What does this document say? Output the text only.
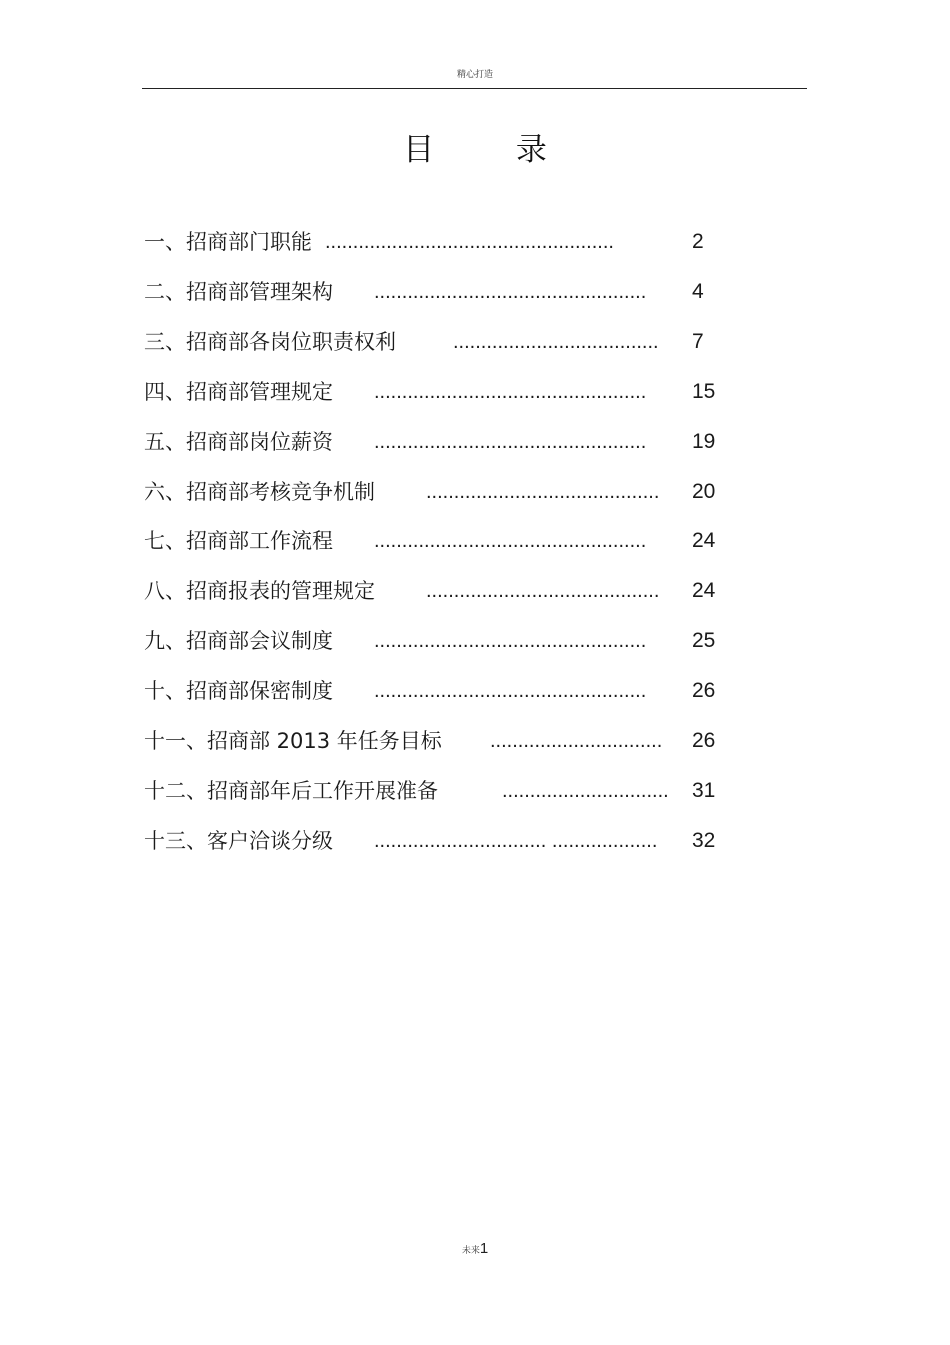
精心打造
目 录
一、招商部门职能 ....................................................	2
二、招商部管理架构 .................................................	4
三、招商部各岗位职责权利	.....................................	7
四、招商部管理规定 .................................................	15
五、招商部岗位薪资 .................................................	19
六、招商部考核竞争机制	..........................................	20
七、招商部工作流程 .................................................	24
八、招商报表的管理规定	..........................................	24
九、招商部会议制度 .................................................	25
十、招商部保密制度 .................................................	26
十一、招商部 2013 年任务目标 ...............................	26
十二、招商部年后工作开展准备	..............................	31
十三、客户洽谈分级 ............................... ...................	32
未来1
